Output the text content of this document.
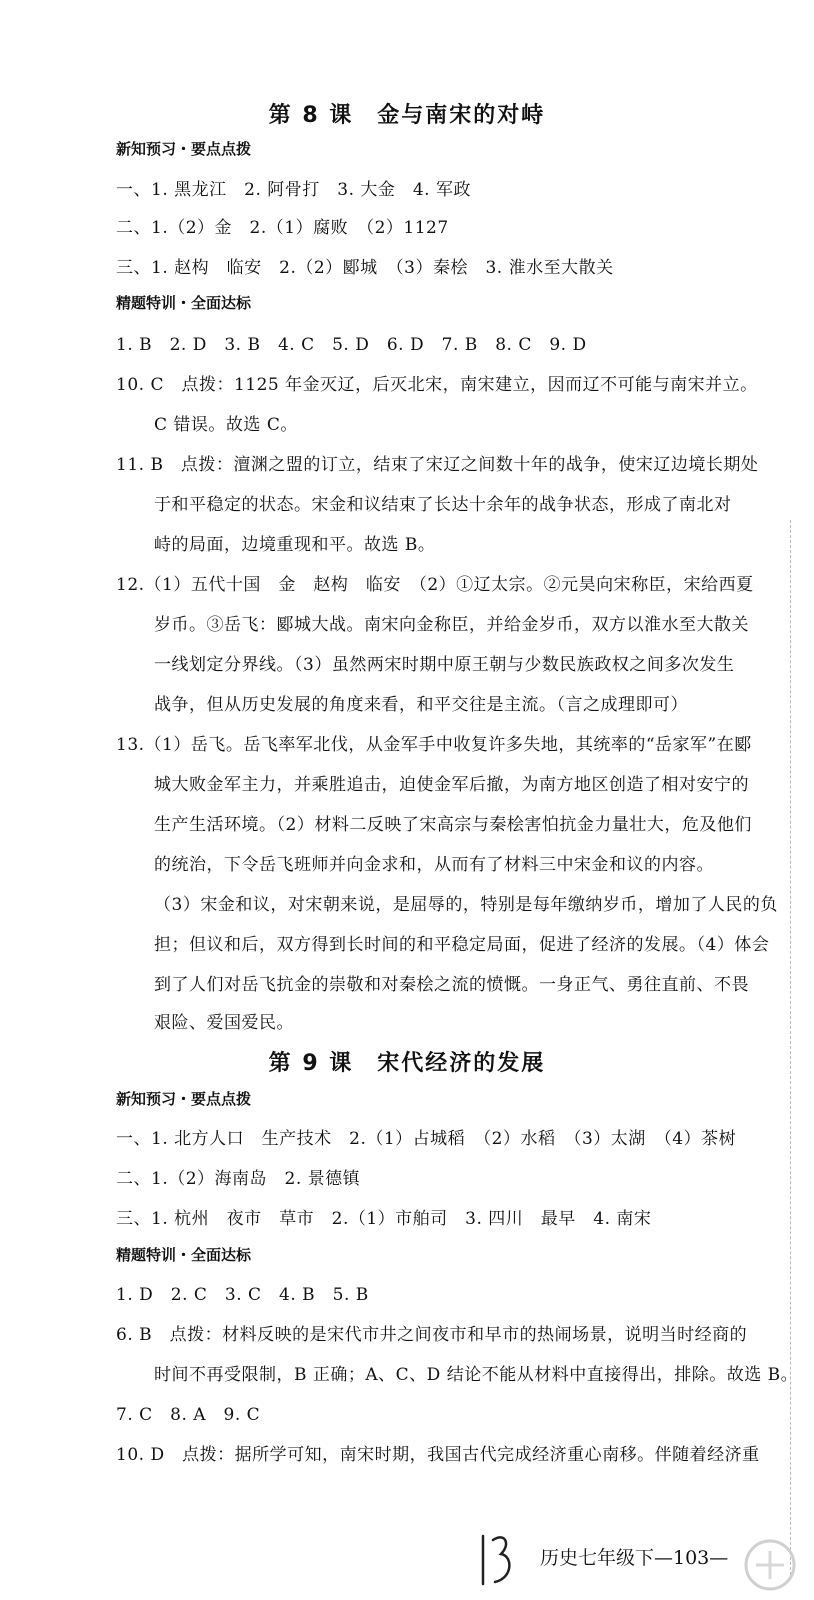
第 8 课　金与南宋的对峙
新知预习・要点点拨
一、1. 黑龙江　2. 阿骨打　3. 大金　4. 军政
二、1.（2）金　2.（1）腐败　（2）1127
三、1. 赵构　临安　2.（2）郾城　（3）秦桧　3. 淮水至大散关
精题特训・全面达标
1. B　2. D　3. B　4. C　5. D　6. D　7. B　8. C　9. D
10. C　点拨：1125 年金灭辽，后灭北宋，南宋建立，因而辽不可能与南宋并立。
C 错误。故选 C。
11. B　点拨：澶渊之盟的订立，结束了宋辽之间数十年的战争，使宋辽边境长期处
于和平稳定的状态。宋金和议结束了长达十余年的战争状态，形成了南北对
峙的局面，边境重现和平。故选 B。
12.（1）五代十国　金　赵构　临安　（2）①辽太宗。②元昊向宋称臣，宋给西夏
岁币。③岳飞：郾城大战。南宋向金称臣，并给金岁币，双方以淮水至大散关
一线划定分界线。（3）虽然两宋时期中原王朝与少数民族政权之间多次发生
战争，但从历史发展的角度来看，和平交往是主流。（言之成理即可）
13.（1）岳飞。岳飞率军北伐，从金军手中收复许多失地，其统率的“岳家军”在郾
城大败金军主力，并乘胜追击，迫使金军后撤，为南方地区创造了相对安宁的
生产生活环境。（2）材料二反映了宋高宗与秦桧害怕抗金力量壮大，危及他们
的统治，下令岳飞班师并向金求和，从而有了材料三中宋金和议的内容。
（3）宋金和议，对宋朝来说，是屈辱的，特别是每年缴纳岁币，增加了人民的负
担；但议和后，双方得到长时间的和平稳定局面，促进了经济的发展。（4）体会
到了人们对岳飞抗金的崇敬和对秦桧之流的愤慨。一身正气、勇往直前、不畏
艰险、爱国爱民。
第 9 课　宋代经济的发展
新知预习・要点点拨
一、1. 北方人口　生产技术　2.（1）占城稻　（2）水稻　（3）太湖　（4）茶树
二、1.（2）海南岛　2. 景德镇
三、1. 杭州　夜市　草市　2.（1）市舶司　3. 四川　最早　4. 南宋
精题特训・全面达标
1. D　2. C　3. C　4. B　5. B
6. B　点拨：材料反映的是宋代市井之间夜市和早市的热闹场景，说明当时经商的
时间不再受限制，B 正确；A、C、D 结论不能从材料中直接得出，排除。故选 B。
7. C　8. A　9. C
10. D　点拨：据所学可知，南宋时期，我国古代完成经济重心南移。伴随着经济重
历史七年级下—103—
